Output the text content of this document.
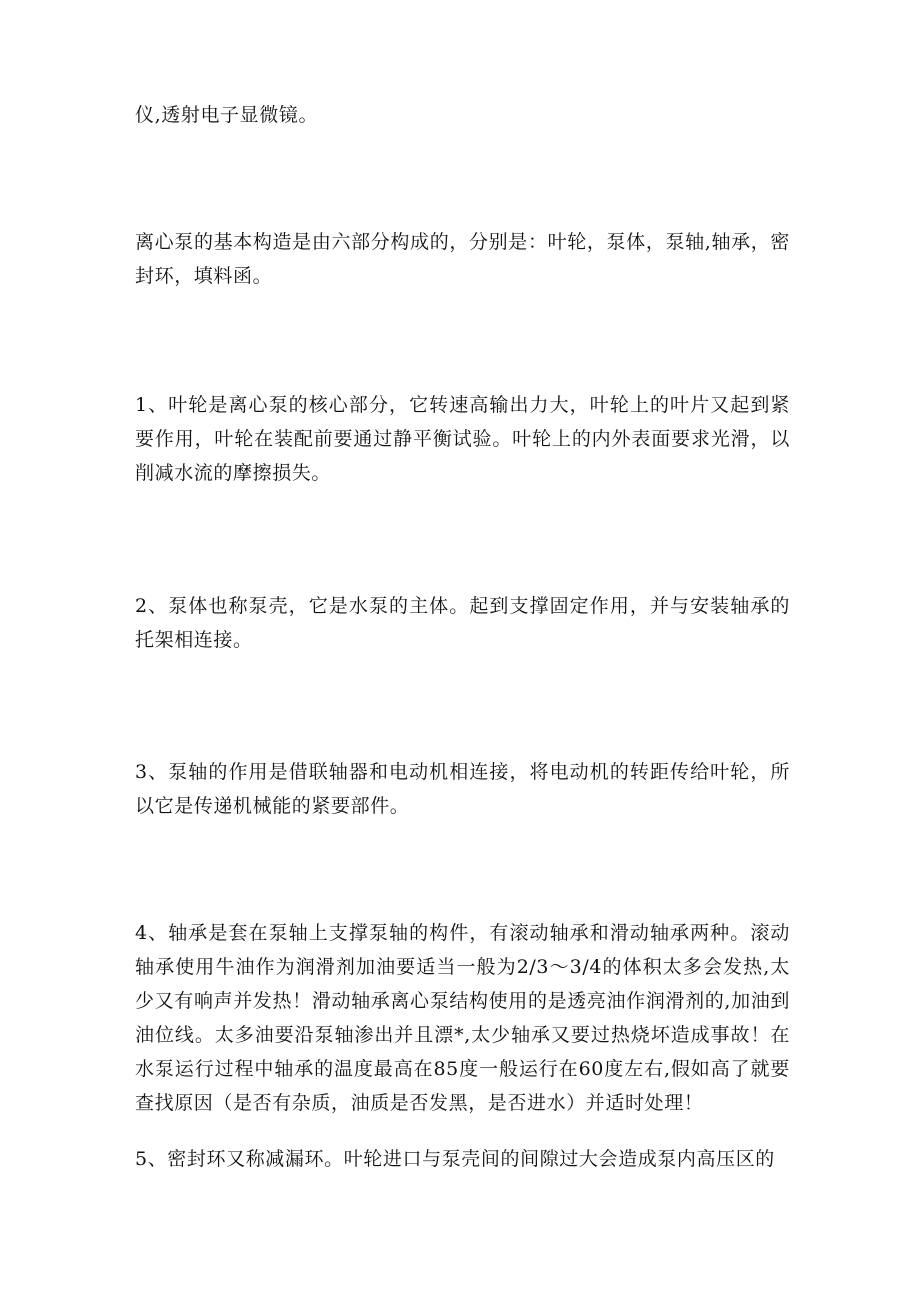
仪,透射电子显微镜。

离心泵的基本构造是由六部分构成的，分别是：叶轮，泵体，泵轴,轴承，密封环，填料函。

1、叶轮是离心泵的核心部分，它转速高输出力大，叶轮上的叶片又起到紧要作用，叶轮在装配前要通过静平衡试验。叶轮上的内外表面要求光滑，以削减水流的摩擦损失。

2、泵体也称泵壳，它是水泵的主体。起到支撑固定作用，并与安装轴承的托架相连接。

3、泵轴的作用是借联轴器和电动机相连接，将电动机的转距传给叶轮，所以它是传递机械能的紧要部件。

4、轴承是套在泵轴上支撑泵轴的构件，有滚动轴承和滑动轴承两种。滚动轴承使用牛油作为润滑剂加油要适当一般为2/3～3/4的体积太多会发热,太少又有响声并发热！滑动轴承离心泵结构使用的是透亮油作润滑剂的,加油到油位线。太多油要沿泵轴渗出并且漂*,太少轴承又要过热烧坏造成事故！在水泵运行过程中轴承的温度最高在85度一般运行在60度左右,假如高了就要查找原因（是否有杂质，油质是否发黑，是否进水）并适时处理！

5、密封环又称减漏环。叶轮进口与泵壳间的间隙过大会造成泵内高压区的
